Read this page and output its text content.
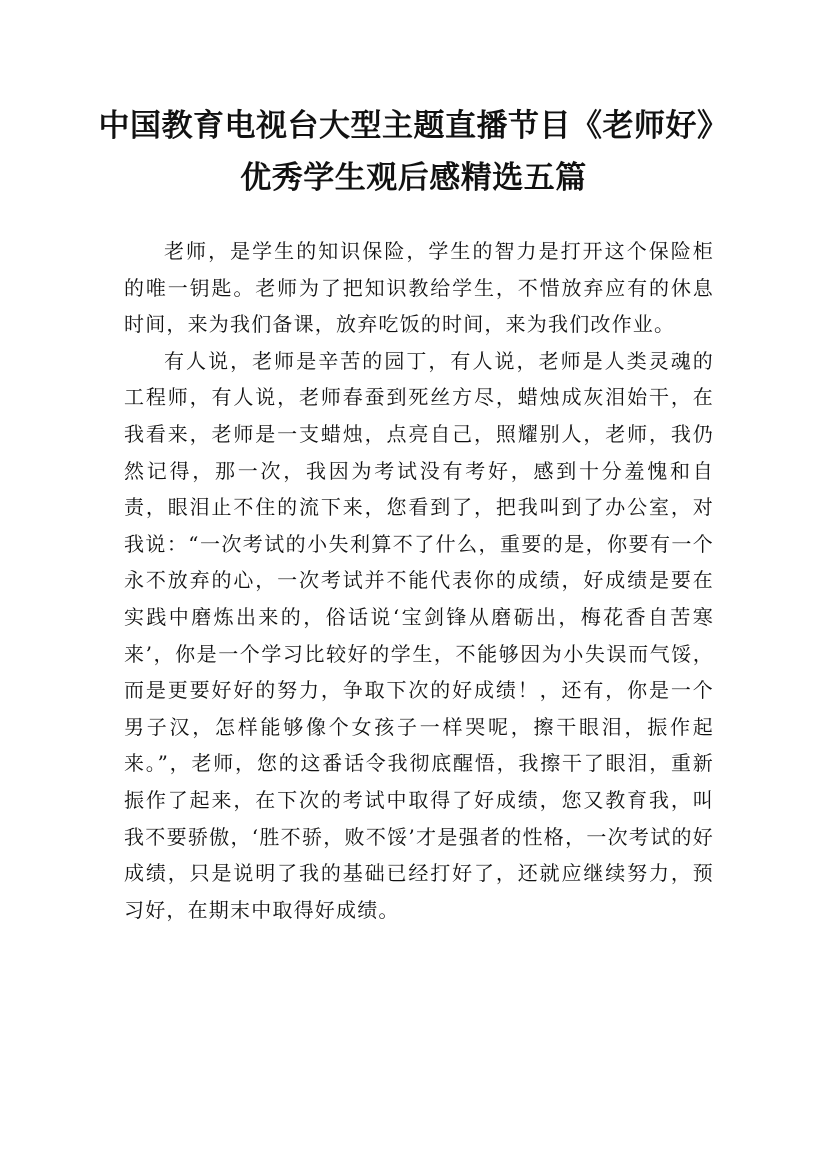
中国教育电视台大型主题直播节目《老师好》
优秀学生观后感精选五篇

老师，是学生的知识保险，学生的智力是打开这个保险柜的唯一钥匙。老师为了把知识教给学生，不惜放弃应有的休息时间，来为我们备课，放弃吃饭的时间，来为我们改作业。

有人说，老师是辛苦的园丁，有人说，老师是人类灵魂的工程师，有人说，老师春蚕到死丝方尽，蜡烛成灰泪始干，在我看来，老师是一支蜡烛，点亮自己，照耀别人，老师，我仍然记得，那一次，我因为考试没有考好，感到十分羞愧和自责，眼泪止不住的流下来，您看到了，把我叫到了办公室，对我说：“一次考试的小失利算不了什么，重要的是，你要有一个永不放弃的心，一次考试并不能代表你的成绩，好成绩是要在实践中磨炼出来的，俗话说‘宝剑锋从磨砺出，梅花香自苦寒来’，你是一个学习比较好的学生，不能够因为小失误而气馁，而是更要好好的努力，争取下次的好成绩！，还有，你是一个男子汉，怎样能够像个女孩子一样哭呢，擦干眼泪，振作起来。”，老师，您的这番话令我彻底醒悟，我擦干了眼泪，重新振作了起来，在下次的考试中取得了好成绩，您又教育我，叫我不要骄傲，‘胜不骄，败不馁’才是强者的性格，一次考试的好成绩，只是说明了我的基础已经打好了，还就应继续努力，预习好，在期末中取得好成绩。
